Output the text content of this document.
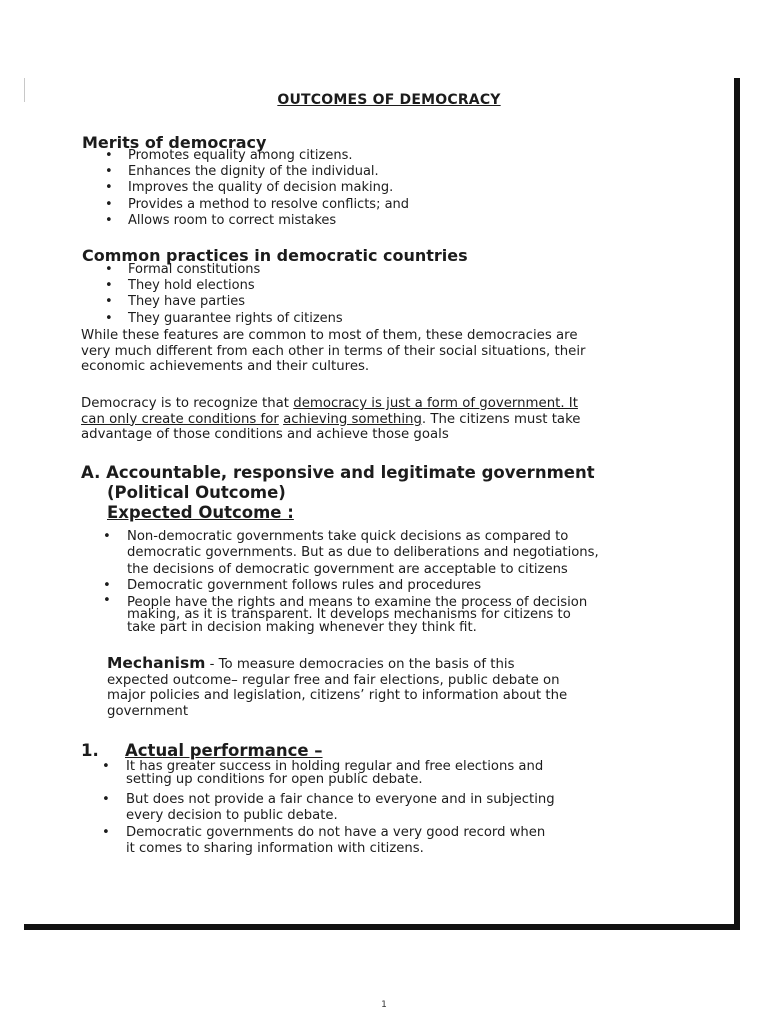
OUTCOMES OF DEMOCRACY
Merits of democracy
• Promotes equality among citizens.
• Enhances the dignity of the individual.
• Improves the quality of decision making.
• Provides a method to resolve conflicts; and
• Allows room to correct mistakes
Common practices in democratic countries
• Formal constitutions
• They hold elections
• They have parties
• They guarantee rights of citizens
While these features are common to most of them, these democracies are
very much different from each other in terms of their social situations, their
economic achievements and their cultures.
Democracy is to recognize that democracy is just a form of government. It
can only create conditions for achieving something. The citizens must take
advantage of those conditions and achieve those goals
A. Accountable, responsive and legitimate government
(Political Outcome)
Expected Outcome :
• Non-democratic governments take quick decisions as compared to
democratic governments. But as due to deliberations and negotiations,
the decisions of democratic government are acceptable to citizens
• Democratic government follows rules and procedures
• People have the rights and means to examine the process of decision
making, as it is transparent. It develops mechanisms for citizens to
take part in decision making whenever they think fit.
Mechanism - To measure democracies on the basis of this
expected outcome– regular free and fair elections, public debate on
major policies and legislation, citizens’ right to information about the
government
1. Actual performance –
• It has greater success in holding regular and free elections and
setting up conditions for open public debate.
• But does not provide a fair chance to everyone and in subjecting
every decision to public debate.
• Democratic governments do not have a very good record when
it comes to sharing information with citizens.
1
